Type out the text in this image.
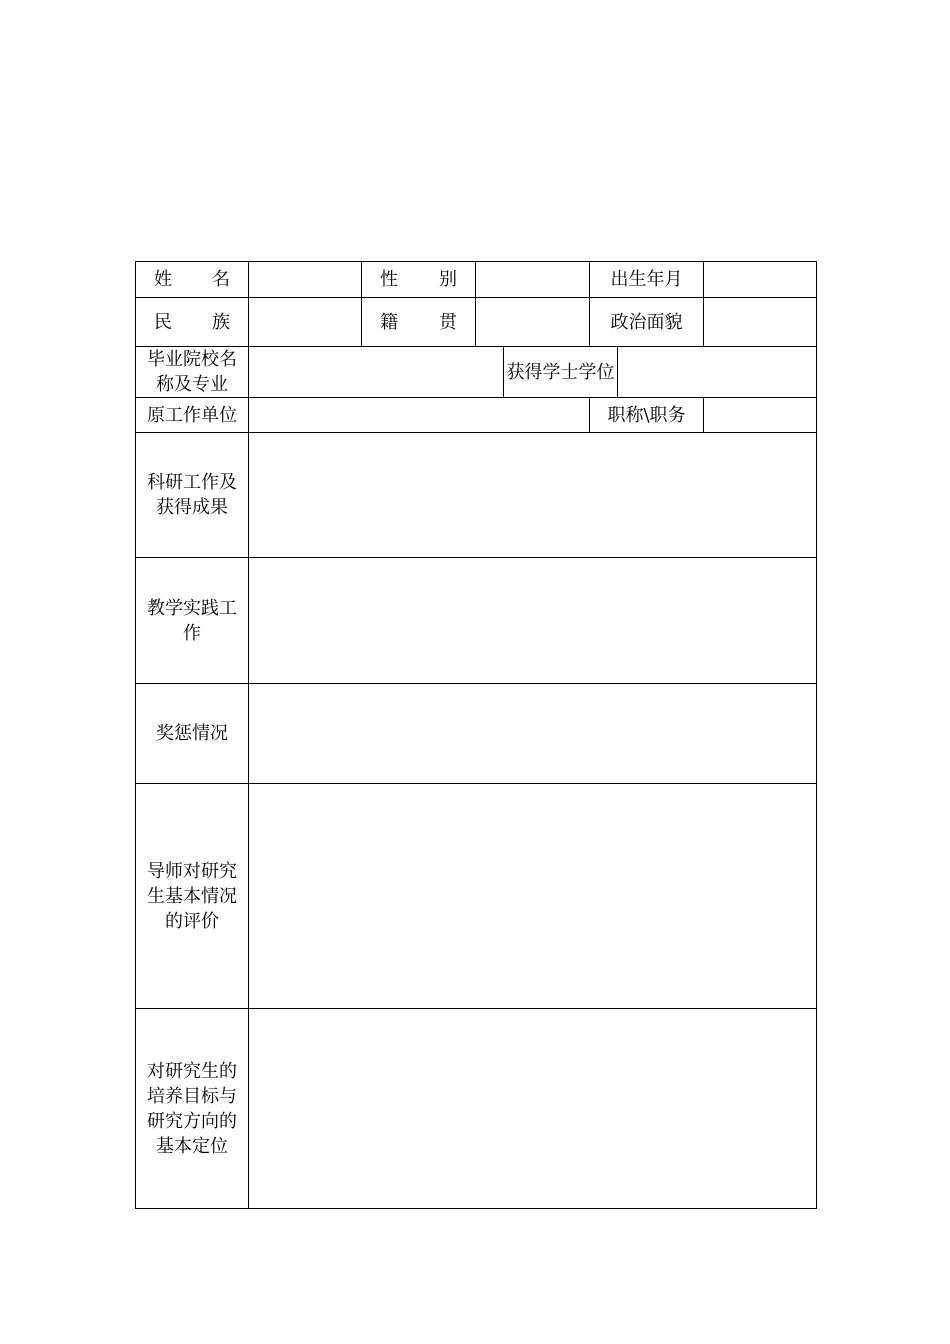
姓 名		性 别			出生年月		

民 族		籍 贯			政治面貌		

毕业院校名称及专业				获得学士学位			
原工作单位					职称\职务		

科研工作及获得成果							

教学实践工作							

奖惩情况							

导师对研究生基本情况的评价							

对研究生的培养目标与研究方向的基本定位							
